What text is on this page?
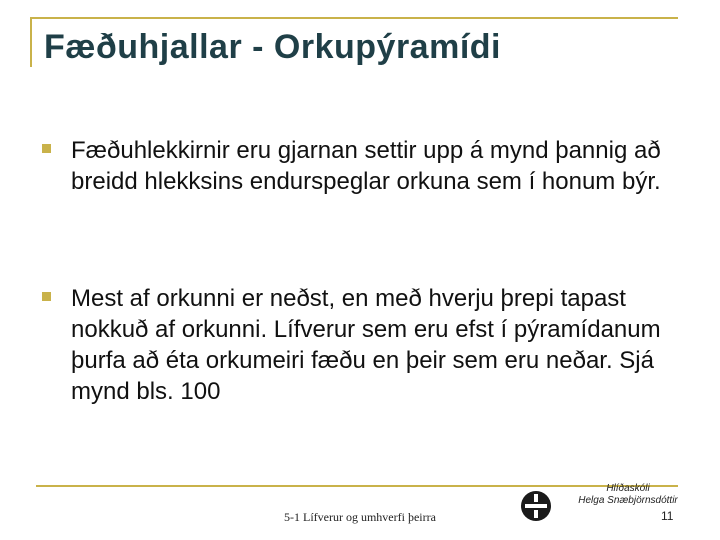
Fæðuhjallar - Orkupýramídi
Fæðuhlekkirnir eru gjarnan settir upp á mynd þannig að breidd hlekksins endurspeglar orkuna sem í honum býr.
Mest af orkunni er neðst, en með hverju þrepi tapast nokkuð af orkunni. Lífverur sem eru efst í pýramídanum þurfa að éta orkumeiri fæðu en þeir sem eru neðar. Sjá mynd bls. 100
5-1 Lífverur og umhverfi þeirra
Hlíðaskóli
Helga Snæbjörnsdóttir
11
